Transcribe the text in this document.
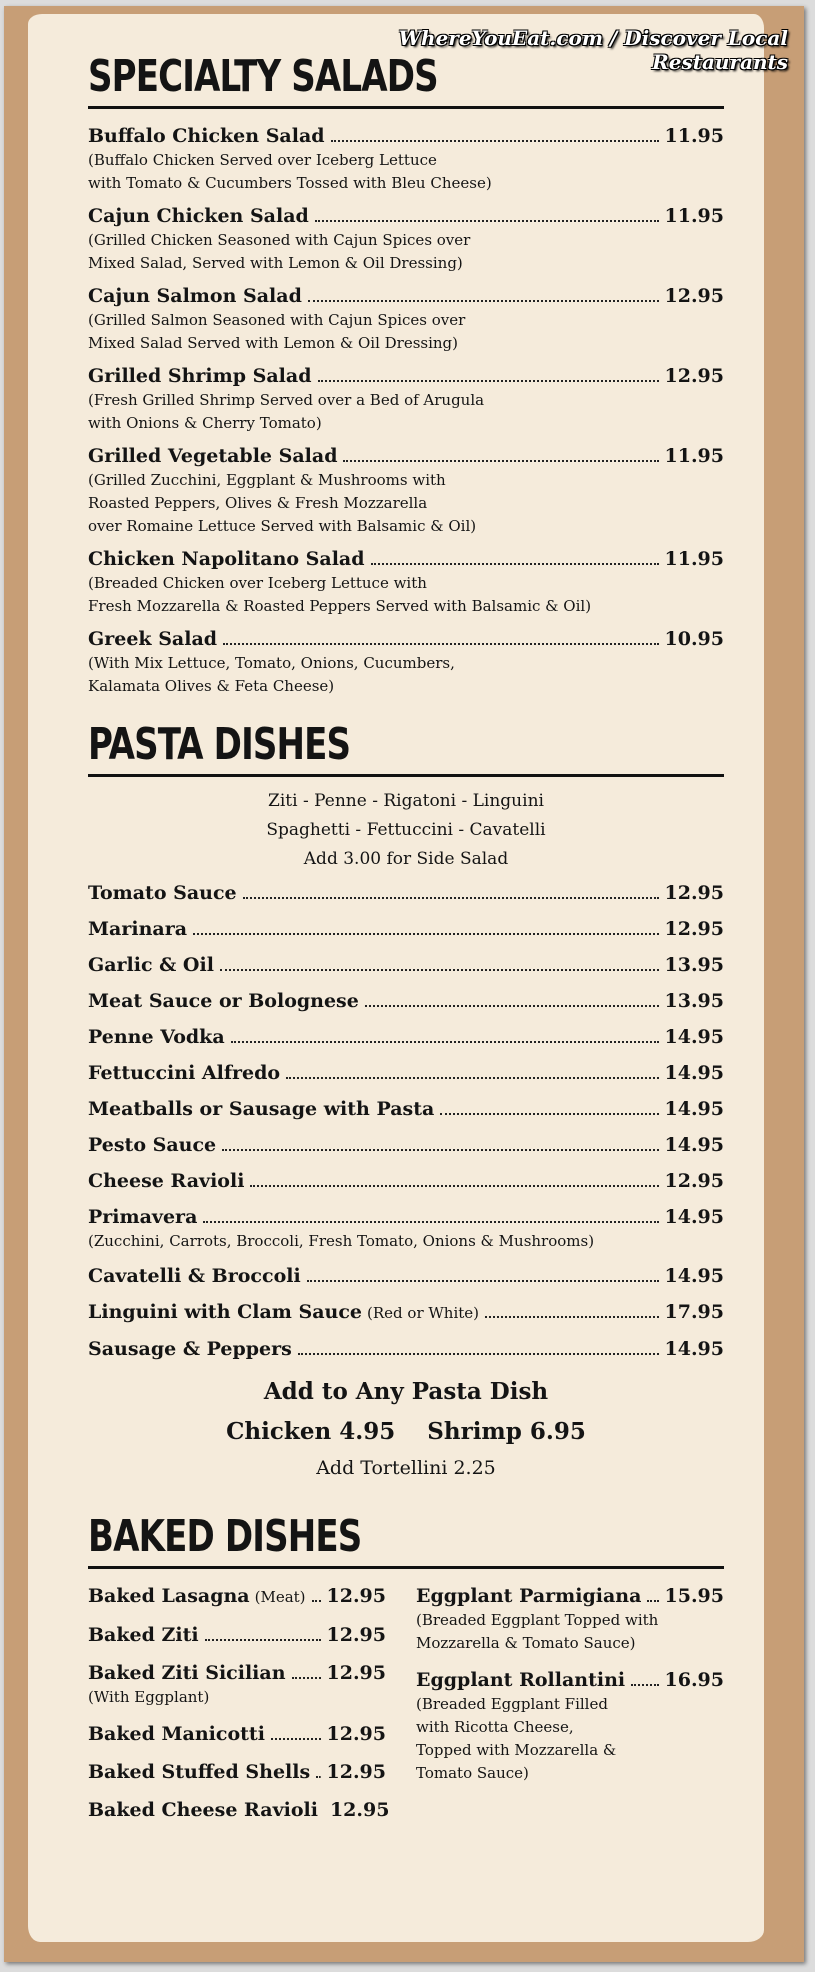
WhereYouEat.com / Discover Local Restaurants
SPECIALTY SALADS
Buffalo Chicken Salad	11.95
(Buffalo Chicken Served over Iceberg Lettuce
with Tomato & Cucumbers Tossed with Bleu Cheese)
Cajun Chicken Salad	11.95
(Grilled Chicken Seasoned with Cajun Spices over
Mixed Salad, Served with Lemon & Oil Dressing)
Cajun Salmon Salad	12.95
(Grilled Salmon Seasoned with Cajun Spices over
Mixed Salad Served with Lemon & Oil Dressing)
Grilled Shrimp Salad	12.95
(Fresh Grilled Shrimp Served over a Bed of Arugula
with Onions & Cherry Tomato)
Grilled Vegetable Salad	11.95
(Grilled Zucchini, Eggplant & Mushrooms with
Roasted Peppers, Olives & Fresh Mozzarella
over Romaine Lettuce Served with Balsamic & Oil)
Chicken Napolitano Salad	11.95
(Breaded Chicken over Iceberg Lettuce with
Fresh Mozzarella & Roasted Peppers Served with Balsamic & Oil)
Greek Salad	10.95
(With Mix Lettuce, Tomato, Onions, Cucumbers,
Kalamata Olives & Feta Cheese)
PASTA DISHES
Ziti - Penne - Rigatoni - Linguini
Spaghetti - Fettuccini - Cavatelli
Add 3.00 for Side Salad
Tomato Sauce	12.95
Marinara	12.95
Garlic & Oil	13.95
Meat Sauce or Bolognese	13.95
Penne Vodka	14.95
Fettuccini Alfredo	14.95
Meatballs or Sausage with Pasta	14.95
Pesto Sauce	14.95
Cheese Ravioli	12.95
Primavera	14.95
(Zucchini, Carrots, Broccoli, Fresh Tomato, Onions & Mushrooms)
Cavatelli & Broccoli	14.95
Linguini with Clam Sauce (Red or White)	17.95
Sausage & Peppers	14.95
Add to Any Pasta Dish
Chicken 4.95    Shrimp 6.95
Add Tortellini 2.25
BAKED DISHES
Baked Lasagna (Meat) 12.95
Baked Ziti	12.95
Baked Ziti Sicilian 12.95
(With Eggplant)
Baked Manicotti	12.95
Baked Stuffed Shells 12.95
Baked Cheese Ravioli 12.95
Eggplant Parmigiana 15.95
(Breaded Eggplant Topped with
Mozzarella & Tomato Sauce)
Eggplant Rollantini 16.95
(Breaded Eggplant Filled
with Ricotta Cheese,
Topped with Mozzarella &
Tomato Sauce)
